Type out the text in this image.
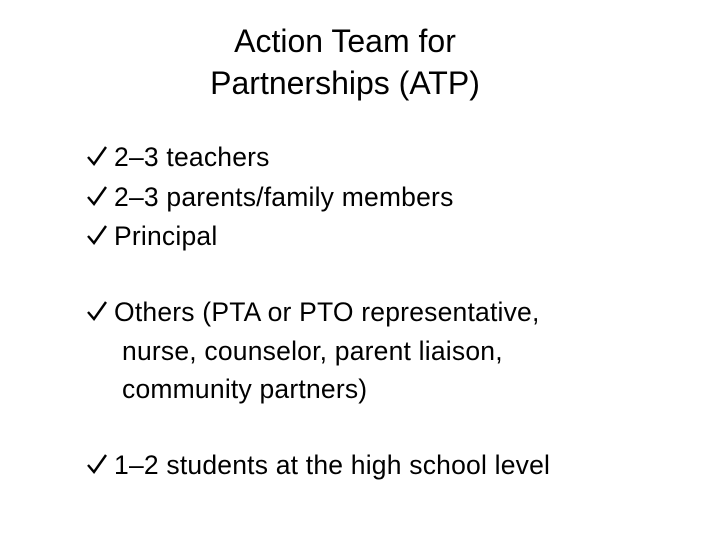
Action Team for
Partnerships (ATP)
2–3 teachers
2–3 parents/family members
Principal
Others (PTA or PTO representative,
nurse, counselor, parent liaison,
community partners)
1–2 students at the high school level
